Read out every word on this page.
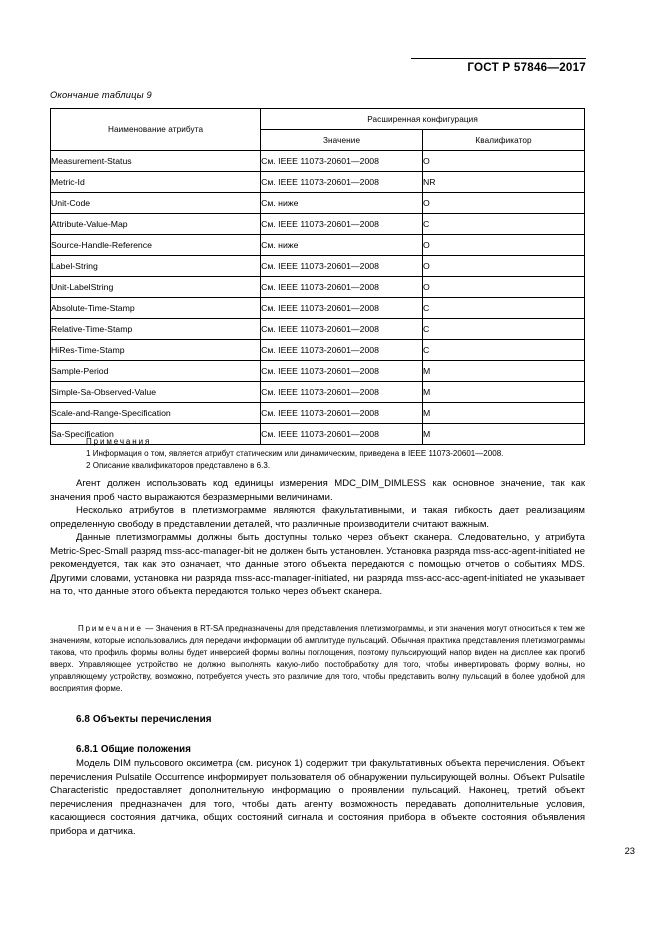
ГОСТ Р 57846—2017
Окончание таблицы 9
Наименование атрибута	Расширенная конфигурация	
	Значение	Квалификатор
Measurement-Status	См. IEEE 11073-20601—2008	O
Metric-Id	См. IEEE 11073-20601—2008	NR
Unit-Code	См. ниже	O
Attribute-Value-Map	См. IEEE 11073-20601—2008	C
Source-Handle-Reference	См. ниже	O
Label-String	См. IEEE 11073-20601—2008	O
Unit-LabelString	См. IEEE 11073-20601—2008	O
Absolute-Time-Stamp	См. IEEE 11073-20601—2008	C
Relative-Time-Stamp	См. IEEE 11073-20601—2008	C
HiRes-Time-Stamp	См. IEEE 11073-20601—2008	C
Sample-Period	См. IEEE 11073-20601—2008	M
Simple-Sa-Observed-Value	См. IEEE 11073-20601—2008	M
Scale-and-Range-Specification	См. IEEE 11073-20601—2008	M
Sa-Specification	См. IEEE 11073-20601—2008	M
Примечания
1 Информация о том, является атрибут статическим или динамическим, приведена в IEEE 11073-20601—2008.
2 Описание квалификаторов представлено в 6.3.

Агент должен использовать код единицы измерения MDC_DIM_DIMLESS как основное значение, так как значения проб часто выражаются безразмерными величинами.

Несколько атрибутов в плетизмограмме являются факультативными, и такая гибкость дает реализациям определенную свободу в представлении деталей, что различные производители считают важным.

Данные плетизмограммы должны быть доступны только через объект сканера. Следовательно, у атрибута Metric-Spec-Small разряд mss-acc-manager-bit не должен быть установлен. Установка разряда mss-acc-agent-initiated не рекомендуется, так как это означает, что данные этого объекта передаются с помощью отчетов о событиях MDS. Другими словами, установка ни разряда mss-acc-manager-initiated, ни разряда mss-acc-acc-agent-initiated не указывает на то, что данные этого объекта передаются только через объект сканера.

Примечание — Значения в RT-SA предназначены для представления плетизмограммы, и эти значения могут относиться к тем же значениям, которые использовались для передачи информации об амплитуде пульсаций. Обычная практика представления плетизмограммы такова, что профиль формы волны будет инверсией формы волны поглощения, поэтому пульсирующий напор виден на дисплее как прогиб вверх. Управляющее устройство не должно выполнять какую-либо постобработку для того, чтобы инвертировать форму волны, но управляющему устройству, возможно, потребуется учесть это различие для того, чтобы представить волну пульсаций в более удобной для восприятия форме.

6.8 Объекты перечисления
6.8.1 Общие положения

Модель DIM пульсового оксиметра (см. рисунок 1) содержит три факультативных объекта перечисления. Объект перечисления Pulsatile Occurrence информирует пользователя об обнаружении пульсирующей волны. Объект Pulsatile Characteristic предоставляет дополнительную информацию о проявлении пульсаций. Наконец, третий объект перечисления предназначен для того, чтобы дать агенту возможность передавать дополнительные условия, касающиеся состояния датчика, общих состояний сигнала и состояния прибора в объекте состояния объявления прибора и датчика.

23
